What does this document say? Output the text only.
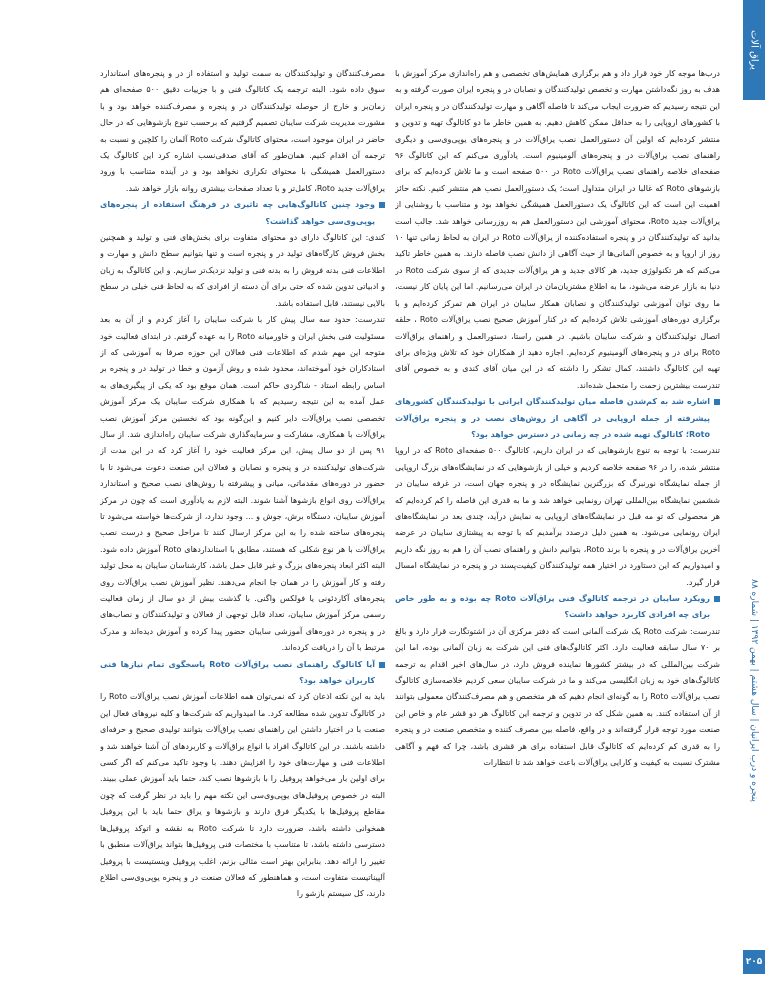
یراق آلات
پنجره و درب ایرانیان | سال هشتم | بهمن ۱۳۹۲ | شماره ۸۸
۲۰۵

درب‌ها موجه کار خود قرار داد و هم برگزاری همایش‌های تخصصی و هم راه‌اندازی مرکز آموزش با هدف به روز نگه‌داشتن مهارت و تخصص تولیدکنندگان و نصابان در و پنجره ایران صورت گرفته و به این نتیجه رسیدیم که ضرورت ایجاب می‌کند تا فاصله آگاهی و مهارت تولیدکنندگان در و پنجره ایران با کشورهای اروپایی را به حداقل ممکن کاهش دهیم. به همین خاطر ما دو کاتالوگ تهیه و تدوین و منتشر کرده‌ایم که اولین آن دستورالعمل نصب یراق‌آلات در و پنجره‌های یوپی‌وی‌سی و دیگری راهنمای نصب یراق‌آلات در و پنجره‌های آلومینیوم است. یادآوری می‌کنم که این کاتالوگ ۹۶ صفحه‌ای خلاصه راهنمای نصب یراق‌آلات Roto در ۵۰۰ صفحه است و ما تلاش کرده‌ایم که برای بازشوهای Roto که غالبا در ایران متداول است؛ یک دستورالعمل نصب هم منتشر کنیم. نکته حائز اهمیت این است که این کاتالوگ یک دستورالعمل همیشگی نخواهد بود و متناسب با روشنایی از یراق‌آلات جدید Roto، محتوای آموزشی این دستورالعمل هم به روزرسانی خواهد شد. جالب است بدانید که تولیدکنندگان در و پنجره استفاده‌کننده از یراق‌آلات Roto در ایران به لحاظ زمانی تنها ۱۰ روز از اروپا و به خصوص آلمانی‌ها از حیث آگاهی از دانش نصب فاصله دارند. به همین خاطر تاکید می‌کنم که هر تکنولوژی جدید، هر کالای جدید و هر یراق‌آلات جدیدی که از سوی شرکت Roto در دنیا به بازار عرضه می‌شود، ما به اطلاع مشتریان‌مان در ایران می‌رسانیم. اما این پایان کار نیست، ما روی توان آموزشی تولیدکنندگان و نصابان همکار سایبان در ایران هم تمرکز کرده‌ایم و با برگزاری دوره‌های آموزشی تلاش کرده‌ایم که در کنار آموزش صحیح نصب یراق‌آلات Roto ، حلقه اتصال تولیدکنندگان و شرکت سایبان باشیم. در همین راستا، دستورالعمل و راهنمای یراق‌آلات Roto برای در و پنجره‌های آلومینیوم کرده‌ایم. اجازه دهید از همکاران خود که تلاش ویژه‌ای برای تهیه این کاتالوگ داشتند، کمال تشکر را داشته که در این میان آقای کندی و به خصوص آقای تندرست بیشترین زحمت را متحمل شده‌اند.

اشاره شد به کم‌شدن فاصله میان تولیدکنندگان ایرانی با تولیدکنندگان کشورهای پیشرفته از جمله اروپایی در آگاهی از روش‌های نصب در و پنجره یراق‌آلات Roto؛ کاتالوگ تهیه شده در چه زمانی در دسترس خواهد بود؟

تندرست: با توجه به تنوع بازشوهایی که در ایران داریم، کاتالوگ ۵۰۰ صفحه‌ای Roto که در اروپا منتشر شده، را در ۹۶ صفحه خلاصه کردیم و خیلی از بازشوهایی که در نمایشگاه‌های بزرگ اروپایی از جمله نمایشگاه نورنبرگ که بزرگترین نمایشگاه در و پنجره جهان است، در غرفه سایبان در ششمین نمایشگاه بین‌المللی تهران رونمایی خواهد شد و ما به قدری این فاصله را کم کرده‌ایم که هر محصولی که تو مه قبل در نمایشگاه‌های اروپایی به نمایش درآید، چندی بعد در نمایشگاه‌های ایران رونمایی می‌شود. به همین دلیل درصدد برآمدیم که با توجه به پیشتازی سایبان در عرضه آخرین یراق‌آلات در و پنجره با برند Roto، بتوانیم دانش و راهنمای نصب آن را هم به روز نگه داریم و امیدواریم که این دستاورد در اختیار همه تولیدکنندگان کیفیت‌پسند در و پنجره در نمایشگاه امسال قرار گیرد.

رویکرد سایبان در ترجمه کاتالوگ فنی یراق‌آلات Roto چه بوده و به طور خاص برای چه افرادی کاربرد خواهد داشت؟

تندرست: شرکت Roto یک شرکت آلمانی است که دفتر مرکزی آن در اشتوتگارت قرار دارد و بالغ بر ۷۰ سال سابقه فعالیت دارد. اکثر کاتالوگ‌های فنی این شرکت به زبان آلمانی بوده، اما این شرکت بین‌المللی که در بیشتر کشورها نماینده فروش دارد، در سال‌های اخیر اقدام به ترجمه کاتالوگ‌های خود به زبان انگلیسی می‌کند و ما در شرکت سایبان سعی کردیم خلاصه‌سازی کاتالوگ نصب یراق‌آلات Roto را به گونه‌ای انجام دهیم که هر متخصص و هم مصرف‌کنندگان معمولی بتوانند از آن استفاده کنند. به همین شکل که در تدوین و ترجمه این کاتالوگ هر دو قشر عام و خاص این صنعت مورد توجه قرار گرفته‌اند و در واقع، فاصله بین مصرف کننده و متخصص صنعت در و پنجره را به قدری کم کرده‌ایم که کاتالوگ قابل استفاده برای هر قشری باشد، چرا که فهم و آگاهی مشترک نسبت به کیفیت و کارایی یراق‌آلات باعث خواهد شد تا انتظارات

مصرف‌کنندگان و تولیدکنندگان به سمت تولید و استفاده از در و پنجره‌های استاندارد سوق داده شود. البته ترجمه یک کاتالوگ فنی و با جزییات دقیق ۵۰۰ صفحه‌ای هم زمان‌بر و خارج از حوصله تولیدکنندگان در و پنجره و مصرف‌کننده خواهد بود و با مشورت مدیریت شرکت سایبان تصمیم گرفتیم که برحسب تنوع بازشوهایی که در حال حاضر در ایران موجود است، محتوای کاتالوگ شرکت Roto آلمان را کلچین و نسبت به ترجمه آن اقدام کنیم. همان‌طور که آقای صدقی‌نسب اشاره کرد این کاتالوگ یک دستورالعمل همیشگی با محتوای تکراری نخواهد بود و در آینده متناسب با ورود یراق‌آلات جدید Roto، کامل‌تر و با تعداد صفحات بیشتری روانه بازار خواهد شد.

وجود چنین کاتالوگ‌هایی چه تاثیری در فرهنگ استفاده از پنجره‌های یوپی‌وی‌سی خواهد گذاشت؟

کندی: این کاتالوگ دارای دو محتوای متفاوت برای بخش‌های فنی و تولید و همچنین بخش فروش کارگاه‌های تولید در و پنجره است و تنها بتوانیم سطح دانش و مهارت و اطلاعات فنی بدنه فروش را به بدنه فنی و تولید نزدیک‌تر سازیم. و این کاتالوگ به زبان و ادبیاتی تدوین شده که حتی برای آن دسته از افرادی که به لحاظ فنی خیلی در سطح بالایی نیستند، قابل استفاده باشد.

تندرست: حدود سه سال پیش کار با شرکت سایبان را آغاز کردم و از آن به بعد مسئولیت فنی بخش ایران و خاورمیانه Roto را به عهده گرفتم. در ابتدای فعالیت خود متوجه این مهم شدم که اطلاعات فنی فعالان این حوزه صرفا به آموزشی که از استادکاران خود آموخته‌اند، محدود شده و روش آزمون و خطا در تولید در و پنجره بر اساس رابطه استاد - شاگردی حاکم است. همان موقع بود که یکی از پیگیری‌های به عمل آمده به این نتیجه رسیدیم که با همکاری شرکت سایبان یک مرکز آموزش تخصصی نصب یراق‌آلات دایر کنیم و این‌گونه بود که نخستین مرکز آموزش نصب یراق‌آلات با همکاری، مشارکت و سرمایه‌گذاری شرکت سایبان راه‌اندازی شد. از سال ۹۱ پس از دو سال پیش، این مرکز فعالیت خود را آغاز کرد که در این مدت از شرکت‌های تولیدکننده در و پنجره و نصابان و فعالان این صنعت دعوت می‌شود تا با حضور در دوره‌های مقدماتی، میانی و پیشرفته با روش‌های نصب صحیح و استاندارد یراق‌آلات روی انواع بازشوها آشنا شوند. البته لازم به یادآوری است که چون در مرکز آموزش سایبان، دستگاه برش، جوش و ... وجود ندارد، از شرکت‌ها خواسته می‌شود تا پنجره‌های ساخته شده را به این مرکز ارسال کنند تا مراحل صحیح و درست نصب یراق‌آلات با هر نوع شکلی که هستند، مطابق با استانداردهای Roto آموزش داده شود. البته اکثر ابعاد پنجره‌های بزرگ و غیر قابل حمل باشد، کارشناسان سایبان به محل تولید رفته و کار آموزش را در همان جا انجام می‌دهند. نظیر آموزش نصب یراق‌آلات روی پنجره‌های آکاردئونی یا فولکس واگنی. با گذشت بیش از دو سال از زمان فعالیت رسمی مرکز آموزش سایبان، تعداد قابل توجهی از فعالان و تولیدکنندگان و نصاب‌های در و پنجره در دوره‌های آموزشی سایبان حضور پیدا کرده و آموزش دیده‌اند و مدرک مرتبط با آن را دریافت کرده‌اند.

آیا کاتالوگ راهنمای نصب یراق‌آلات Roto پاسخگوی تمام نیازها فنی کاربران خواهد بود؟

باید به این نکته اذعان کرد که نمی‌توان همه اطلاعات آموزش نصب یراق‌آلات Roto را در کاتالوگ تدوین شده مطالعه کرد. ما امیدواریم که شرکت‌ها و کلیه نیروهای فعال این صنعت با در اختیار داشتن این راهنمای نصب یراق‌آلات بتوانند تولیدی صحیح و حرفه‌ای داشته باشند. در این کاتالوگ افراد با انواع یراق‌آلات و کاربردهای آن آشنا خواهند شد و اطلاعات فنی و مهارت‌های خود را افزایش دهند. با وجود تاکید می‌کنم که اگر کسی برای اولین بار می‌خواهد پروفیل را با بازشوها نصب کند، حتما باید آموزش عملی ببیند. البته در خصوص پروفیل‌های یوپی‌وی‌سی این نکته مهم را باید در نظر گرفت که چون مقاطع پروفیل‌ها با یکدیگر فرق دارند و بازشوها و یراق حتما باید با این پروفیل همخوانی داشته باشد، ضرورت دارد تا شرکت Roto به نقشه و اتوکد پروفیل‌ها دسترسی داشته باشد، تا متناسب با مختصات فنی پروفیل‌ها بتواند یراق‌آلات منطبق با تغییر را ارائه دهد. بنابراین بهتر است مثالی بزنم، اغلب پروفیل وینستیست با پروفیل آلپیناتیست متفاوت است، و هماهنطور که فعالان صنعت در و پنجره یوپی‌وی‌سی اطلاع دارند، کل سیستم بازشو را
